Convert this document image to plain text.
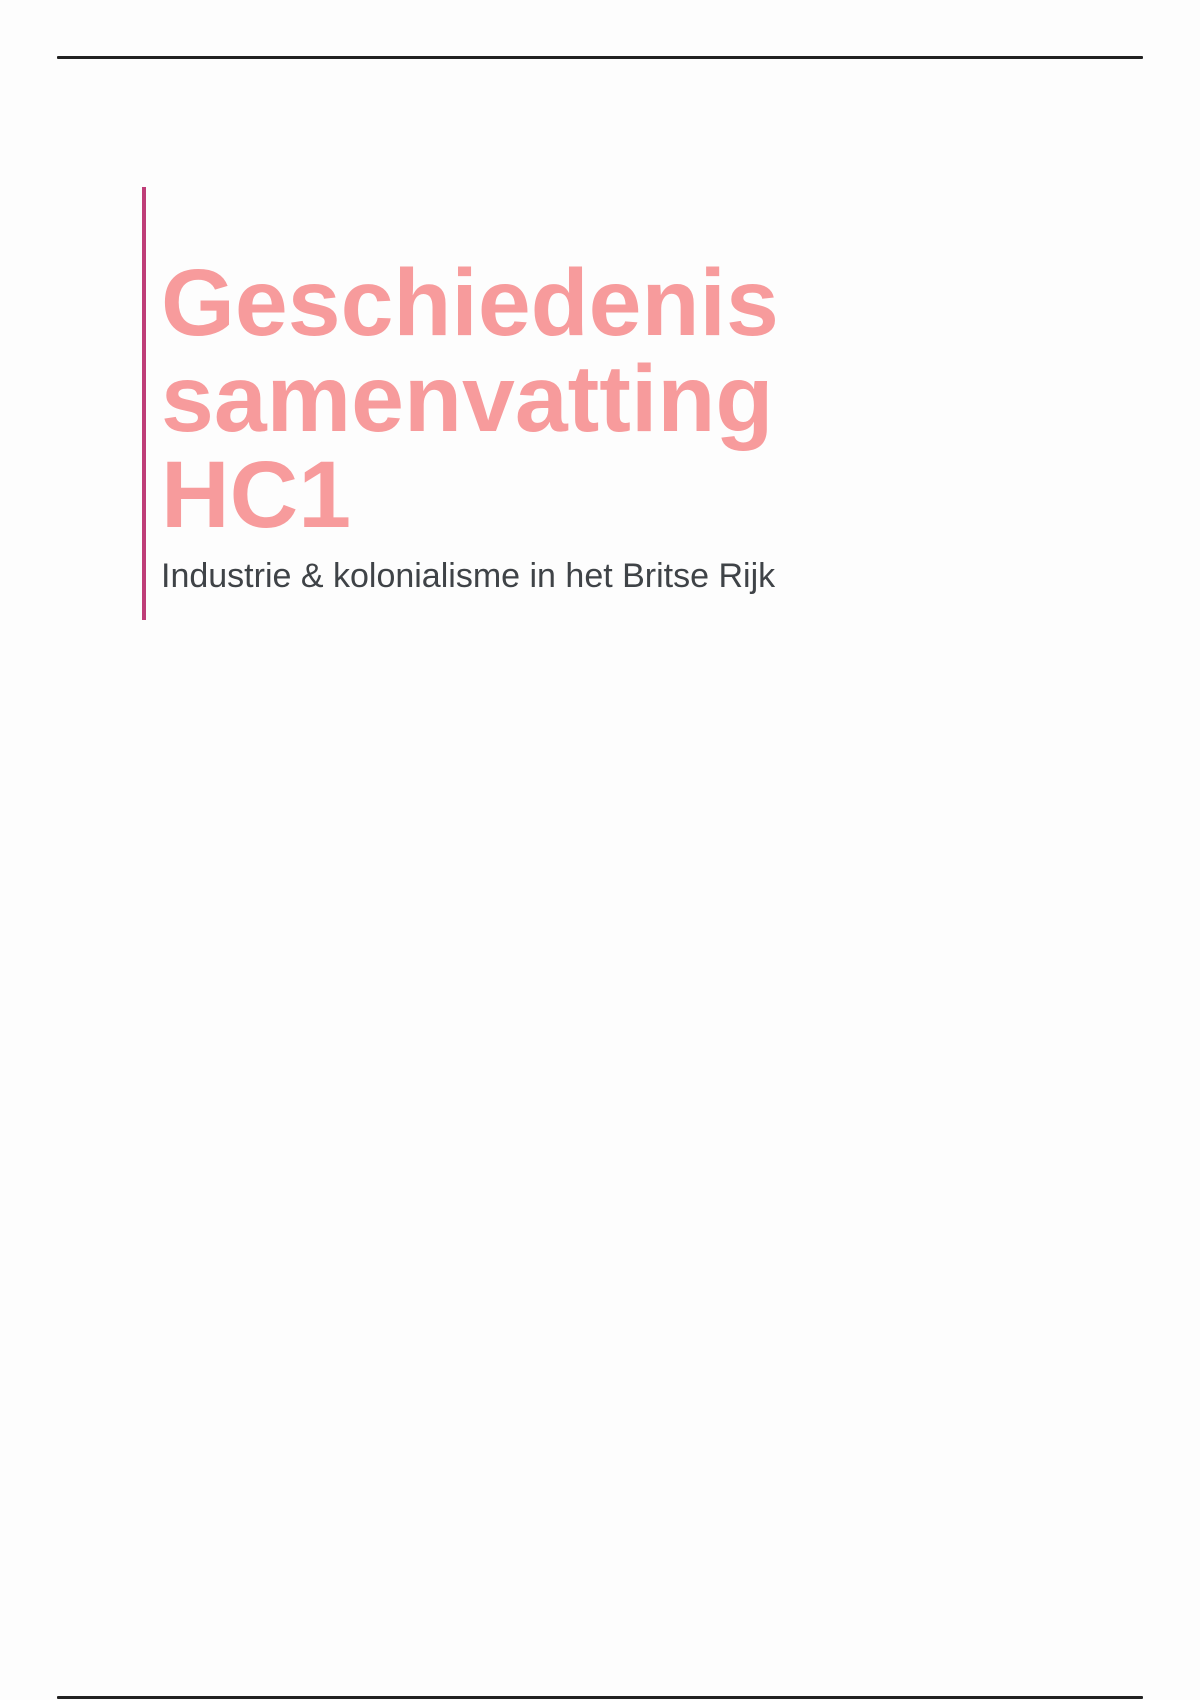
Geschiedenis
samenvatting
HC1
Industrie & kolonialisme in het Britse Rijk
